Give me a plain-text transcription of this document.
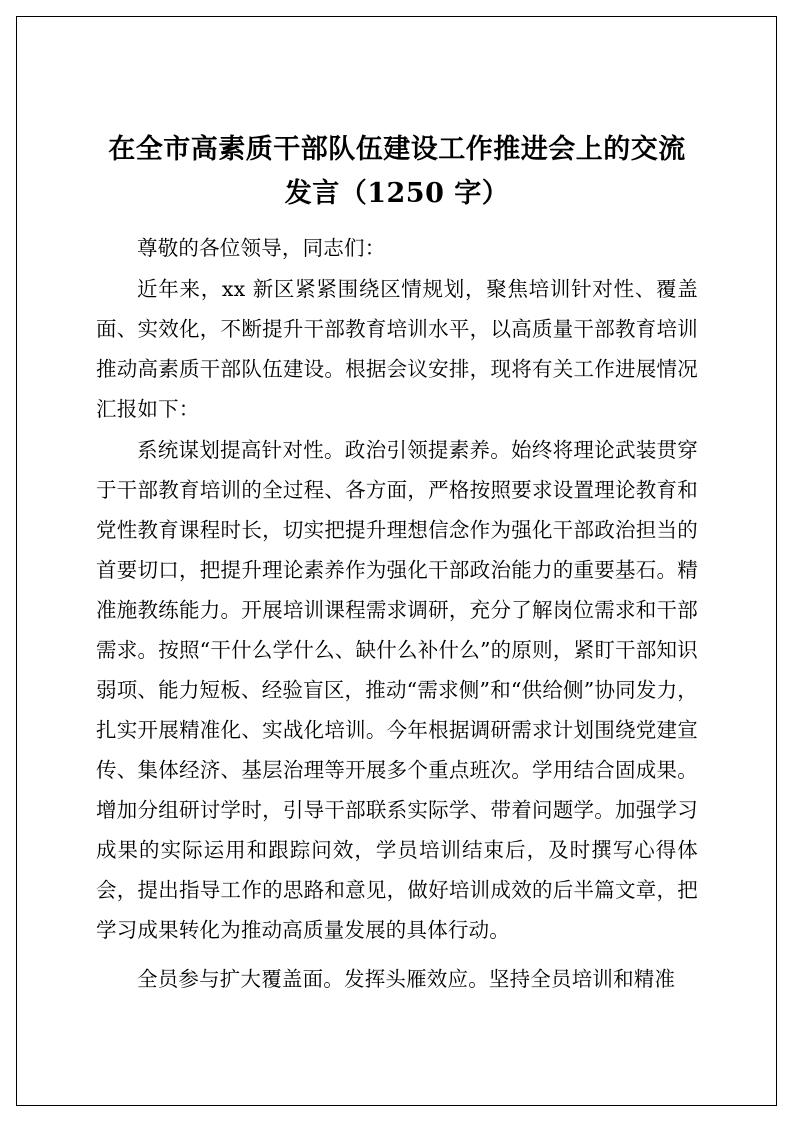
在全市高素质干部队伍建设工作推进会上的交流发言（1250 字）

尊敬的各位领导，同志们：

近年来，xx 新区紧紧围绕区情规划，聚焦培训针对性、覆盖面、实效化，不断提升干部教育培训水平，以高质量干部教育培训推动高素质干部队伍建设。根据会议安排，现将有关工作进展情况汇报如下：

系统谋划提高针对性。政治引领提素养。始终将理论武装贯穿于干部教育培训的全过程、各方面，严格按照要求设置理论教育和党性教育课程时长，切实把提升理想信念作为强化干部政治担当的首要切口，把提升理论素养作为强化干部政治能力的重要基石。精准施教练能力。开展培训课程需求调研，充分了解岗位需求和干部需求。按照“干什么学什么、缺什么补什么”的原则，紧盯干部知识弱项、能力短板、经验盲区，推动“需求侧”和“供给侧”协同发力，扎实开展精准化、实战化培训。今年根据调研需求计划围绕党建宣传、集体经济、基层治理等开展多个重点班次。学用结合固成果。增加分组研讨学时，引导干部联系实际学、带着问题学。加强学习成果的实际运用和跟踪问效，学员培训结束后，及时撰写心得体会，提出指导工作的思路和意见，做好培训成效的后半篇文章，把学习成果转化为推动高质量发展的具体行动。

全员参与扩大覆盖面。发挥头雁效应。坚持全员培训和精准
